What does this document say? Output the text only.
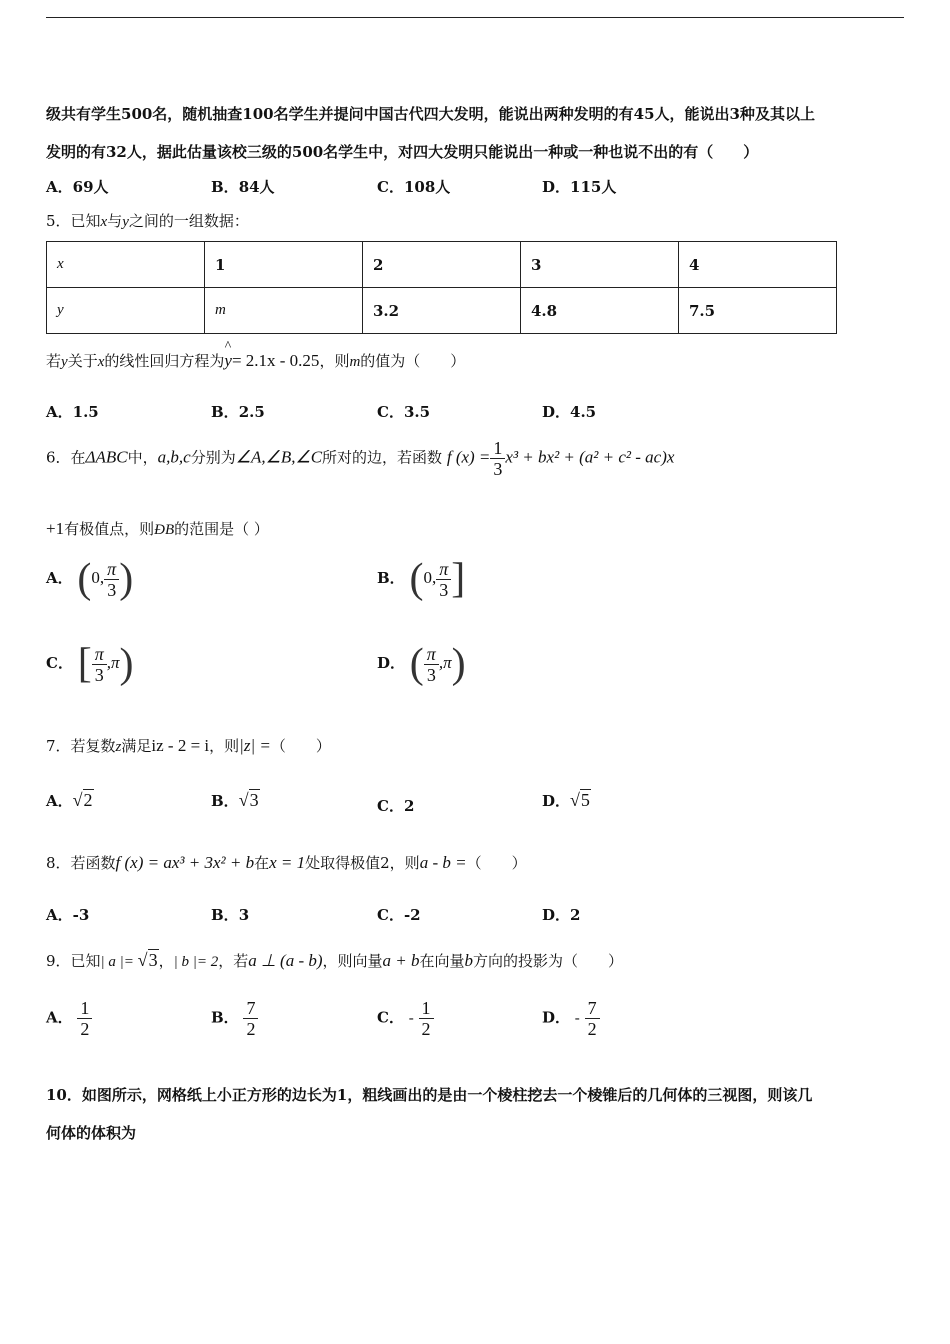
级共有学生500名，随机抽查100名学生并提问中国古代四大发明，能说出两种发明的有45人，能说出3种及其以上
发明的有32人，据此估量该校三级的500名学生中，对四大发明只能说出一种或一种也说不出的有（　　）
A．69人	B．84人	C．108人	D．115人
5．已知x与y之间的一组数据：
x	1	2	3	4
y	m	3.2	4.8	7.5
若y关于x的线性回归方程为^ y= 2.1x - 0.25，则m的值为（　　）
A．1.5	B．2.5	C．3.5	D．4.5
6．在ΔABC中，a,b,c分别为∠A,∠B,∠C所对的边，若函数 f $(x) = \frac{1}{3} x^3 + bx^2 + (a^2 + c^2 - ac)x$
+1有极值点，则ÐB的范围是（ ）
A． (0, $\frac{\pi}{3}$ )	B． (0, $\frac{\pi}{3}$ ]
C． [ $\frac{\pi}{3} ,\pi$)	D． ( $\frac{\pi}{3} ,\pi$)
7．若复数z满足iz - 2 = i，则|z| =（　　）
A．√2	B．√3	C．2	D．√5
8．若函数f (x) = ax³ + 3x² + b在x = 1处取得极值2，则a - b =（　　）
A．-3	B．3	C．-2	D．2
9．已知| a |= √3，| b |= 2，若a ⊥ (a - b)，则向量a + b在向量b方向的投影为（　　）
A． $\frac{1}{2}$	B． $\frac{7}{2}$	C． - $\frac{1}{2}$	D． - $\frac{7}{2}$
10．如图所示，网格纸上小正方形的边长为1，粗线画出的是由一个棱柱挖去一个棱锥后的几何体的三视图，则该几
何体的体积为
